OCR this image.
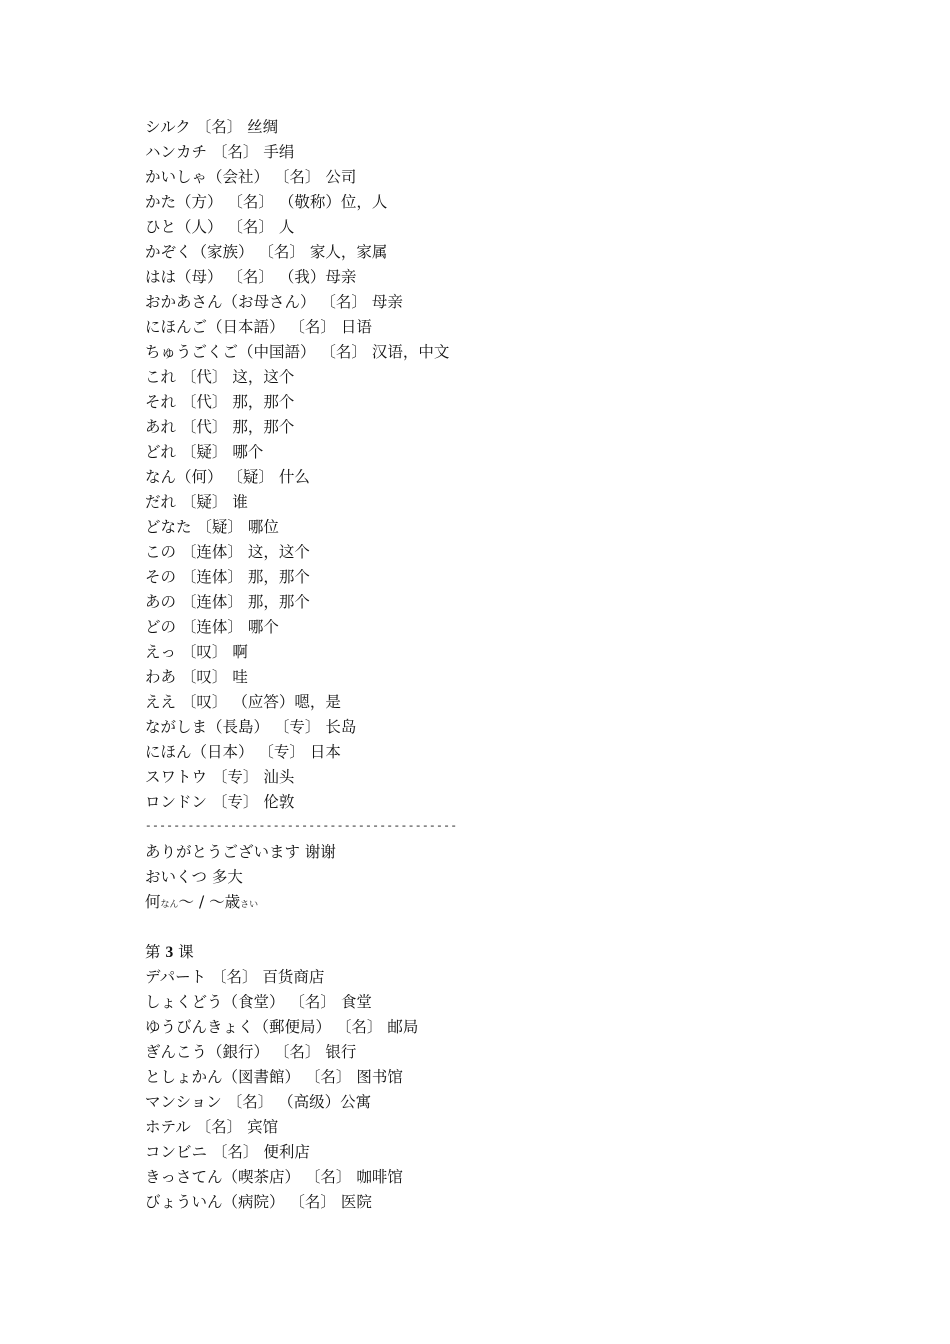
シルク 〔名〕 丝绸
ハンカチ 〔名〕 手绢
かいしゃ（会社） 〔名〕 公司
かた（方） 〔名〕 （敬称）位，人
ひと（人） 〔名〕 人
かぞく（家族） 〔名〕 家人，家属
はは（母） 〔名〕 （我）母亲
おかあさん（お母さん） 〔名〕 母亲
にほんご（日本語） 〔名〕 日语
ちゅうごくご（中国語） 〔名〕 汉语，中文
これ 〔代〕 这，这个
それ 〔代〕 那，那个
あれ 〔代〕 那，那个
どれ 〔疑〕 哪个
なん（何） 〔疑〕 什么
だれ 〔疑〕 谁
どなた 〔疑〕 哪位
この 〔连体〕 这，这个
その 〔连体〕 那，那个
あの 〔连体〕 那，那个
どの 〔连体〕 哪个
えっ 〔叹〕 啊
わあ 〔叹〕 哇
ええ 〔叹〕 （应答）嗯，是
ながしま（長島） 〔专〕 长岛
にほん（日本） 〔专〕 日本
スワトウ 〔专〕 汕头
ロンドン 〔专〕 伦敦
--------------------------------------------
ありがとうございます 谢谢
おいくつ 多大
何なん～ / ～歳さい
第 3 课
デパート 〔名〕 百货商店
しょくどう（食堂） 〔名〕 食堂
ゆうびんきょく（郵便局） 〔名〕 邮局
ぎんこう（銀行） 〔名〕 银行
としょかん（図書館） 〔名〕 图书馆
マンション 〔名〕 （高级）公寓
ホテル 〔名〕 宾馆
コンビニ 〔名〕 便利店
きっさてん（喫茶店） 〔名〕 咖啡馆
びょういん（病院） 〔名〕 医院
